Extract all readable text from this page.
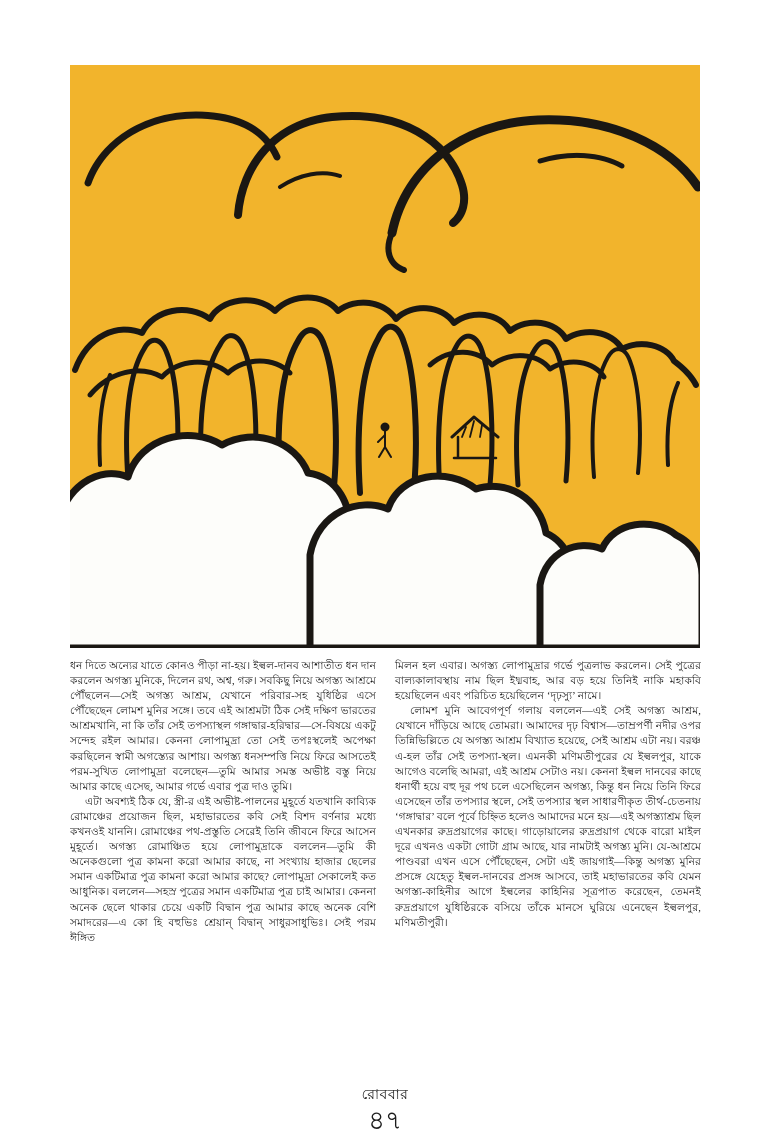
ধন দিতে অন্যের যাতে কোনও পীড়া না-হয়। ইল্বল-দানব আশাতীত ধন দান করলেন অগস্ত্য মুনিকে, দিলেন রথ, অশ্ব, গরু। সবকিছু নিয়ে অগস্ত্য আশ্রমে পৌঁছলেন—সেই অগস্ত্য আশ্রম, যেখানে পরিবার-সহ যুধিষ্ঠির এসে পৌঁছেছেন লোমশ মুনির সঙ্গে। তবে এই আশ্রমটা ঠিক সেই দক্ষিণ ভারতের আশ্রমখানি, না কি তাঁর সেই তপস্যাস্থল গঙ্গাদ্বার-হরিদ্বার—সে-বিষয়ে একটু সন্দেহ রইল আমার। কেননা লোপামুদ্রা তো সেই তপঃস্থলেই অপেক্ষা করছিলেন স্বামী অগস্ত্যের আশায়। অগস্ত্য ধনসম্পত্তি নিয়ে ফিরে আসতেই পরম-সুখিত লোপামুদ্রা বলেছেন—তুমি আমার সমস্ত অভীষ্ট বস্তু নিয়ে আমার কাছে এসেছ, আমার গর্ভে এবার পুত্র দাও তুমি।

এটা অবশ্যই ঠিক যে, স্ত্রী-র এই অভীষ্ট-পালনের মুহূর্তে যতখানি কাব্যিক রোমাঞ্চের প্রয়োজন ছিল, মহাভারতের কবি সেই বিশদ বর্ণনার মধ্যে কখনওই যাননি। রোমাঞ্চের পথ-প্রস্তুতি সেরেই তিনি জীবনে ফিরে আসেন মুহূর্তে। অগস্ত্য রোমাঞ্চিত হয়ে লোপামুদ্রাকে বললেন—তুমি কী অনেকগুলো পুত্র কামনা করো আমার কাছে, না সংখ্যায় হাজার ছেলের সমান একটিমাত্র পুত্র কামনা করো আমার কাছে? লোপামুদ্রা সেকালেই কত আধুনিক। বললেন—সহস্র পুত্রের সমান একটিমাত্র পুত্র চাই আমার। কেননা অনেক ছেলে থাকার চেয়ে একটি বিদ্বান পুত্র আমার কাছে অনেক বেশি সমাদরের—এ কো হি বহুভিঃ শ্রেয়ান্ বিদ্বান্ সাধুরসাধুভিঃ। সেই পরম ঈঙ্গিত

মিলন হল এবার। অগস্ত্য লোপামুদ্রার গর্ভে পুত্রলাভ করলেন। সেই পুত্রের বাল্যকালাবস্থায় নাম ছিল ইধ্মবাহ, আর বড় হয়ে তিনিই নাকি মহাকবি হয়েছিলেন এবং পরিচিত হয়েছিলেন ‘দৃঢ়স্যু’ নামে।

লোমশ মুনি আবেগপূর্ণ গলায় বললেন—এই সেই অগস্ত্য আশ্রম, যেখানে দাঁড়িয়ে আছে তোমরা। আমাদের দৃঢ় বিশ্বাস—তাম্রপর্ণী নদীর ওপর তিন্নিভিল্লিতে যে অগস্ত্য আশ্রম বিখ্যাত হয়েছে, সেই আশ্রম এটা নয়। বরঞ্চ এ-হল তাঁর সেই তপস্যা-স্থল। এমনকী মণিমতীপুরের যে ইল্বলপুর, যাকে আগেও বলেছি আমরা, এই আশ্রম সেটাও নয়। কেননা ইল্বল দানবের কাছে ধনার্থী হয়ে বহু দূর পথ চলে এসেছিলেন অগস্ত্য, কিন্তু ধন নিয়ে তিনি ফিরে এসেছেন তাঁর তপস্যার স্থলে, সেই তপস্যার স্থল সাধারণীকৃত তীর্থ-চেতনায় ‘গঙ্গাদ্বার’ বলে পূর্বে চিহ্নিত হলেও আমাদের মনে হয়—এই অগস্ত্যাশ্রম ছিল এখনকার রুদ্রপ্রয়াগের কাছে। গাড়োয়ালের রুদ্রপ্রয়াগ থেকে বারো মাইল দূরে এখনও একটা গোটা গ্রাম আছে, যার নামটাই অগস্ত্য মুনি। যে-আশ্রমে পাণ্ডবরা এখন এসে পৌঁছেছেন, সেটা এই জায়গাই—কিন্তু অগস্ত্য মুনির প্রসঙ্গে যেহেতু ইল্বল-দানবের প্রসঙ্গ আসবে, তাই মহাভারতের কবি যেমন অগস্ত্য-কাহিনীর আগে ইল্বলের কাহিনির সূত্রপাত করেছেন, তেমনই রুদ্রপ্রয়াগে যুধিষ্ঠিরকে বসিয়ে তাঁকে মানসে ঘুরিয়ে এনেছেন ইল্বলপুর, মণিমতীপুরী।

রোববার
৪৭
